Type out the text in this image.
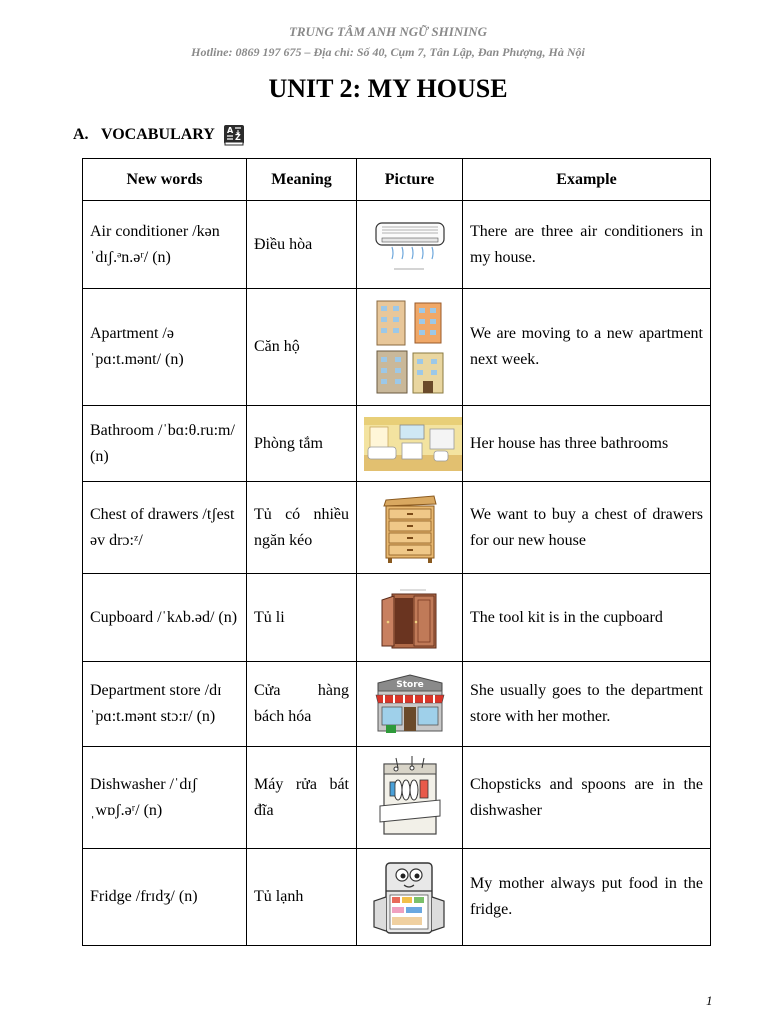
TRUNG TÂM ANH NGỮ SHINING
Hotline: 0869 197 675 – Địa chỉ: Số 40, Cụm 7, Tân Lập, Đan Phượng, Hà Nội
UNIT 2: MY HOUSE
A. VOCABULARY A
Z
New words	Meaning	Picture	Example
Air conditioner /kən ˈdɪʃ.ᵊn.əʳ/ (n)	Điều hòa		There are three air conditioners in my house.
Apartment /ə ˈpɑ:t.mənt/ (n)	Căn hộ		We are moving to a new apartment next week.
Bathroom /ˈbɑ:θ.ru:m/ (n)	Phòng tắm		Her house has three bathrooms
Chest of drawers /tʃest əv drɔ:ᶻ/	Tủ có nhiều ngăn kéo		We want to buy a chest of drawers for our new house
Cupboard /ˈkʌb.əd/ (n)	Tủ li		The tool kit is in the cupboard
Department store /dɪˈpɑ:t.mənt stɔ:r/ (n)	Cửa hàng bách hóa	Store	She usually goes to the department store with her mother.
Dishwasher /ˈdɪʃ ˌwɒʃ.əʳ/ (n)	Máy rửa bát đĩa		Chopsticks and spoons are in the dishwasher
Fridge /frɪdʒ/ (n)	Tủ lạnh		My mother always put food in the fridge.
1
